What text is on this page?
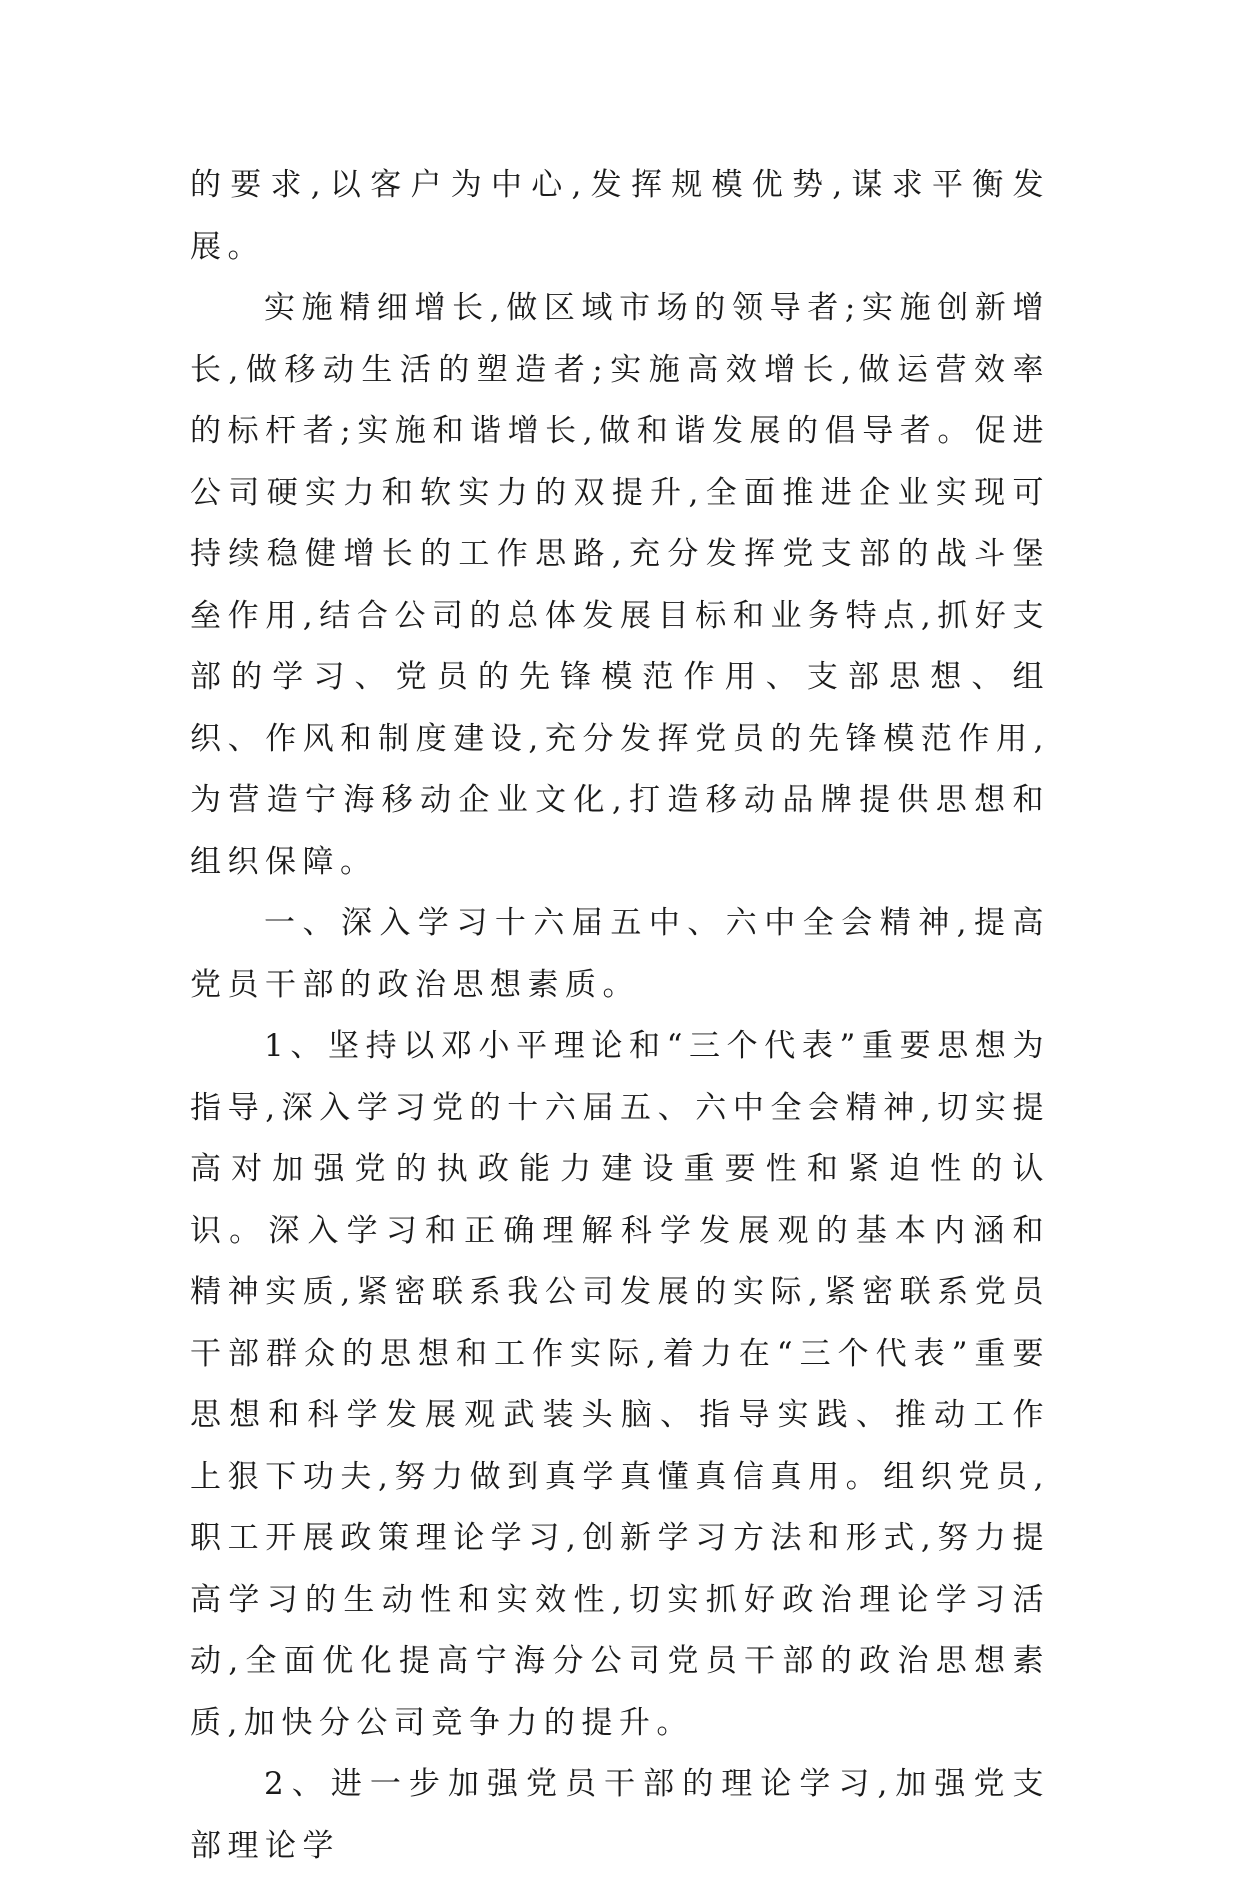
的要求,以客户为中心,发挥规模优势,谋求平衡发展。

实施精细增长,做区域市场的领导者;实施创新增长,做移动生活的塑造者;实施高效增长,做运营效率的标杆者;实施和谐增长,做和谐发展的倡导者。促进公司硬实力和软实力的双提升,全面推进企业实现可持续稳健增长的工作思路,充分发挥党支部的战斗堡垒作用,结合公司的总体发展目标和业务特点,抓好支部的学习、党员的先锋模范作用、支部思想、组织、作风和制度建设,充分发挥党员的先锋模范作用,为营造宁海移动企业文化,打造移动品牌提供思想和组织保障。

一、深入学习十六届五中、六中全会精神,提高党员干部的政治思想素质。

1、坚持以邓小平理论和“三个代表”重要思想为指导,深入学习党的十六届五、六中全会精神,切实提高对加强党的执政能力建设重要性和紧迫性的认识。深入学习和正确理解科学发展观的基本内涵和精神实质,紧密联系我公司发展的实际,紧密联系党员干部群众的思想和工作实际,着力在“三个代表”重要思想和科学发展观武装头脑、指导实践、推动工作上狠下功夫,努力做到真学真懂真信真用。组织党员,职工开展政策理论学习,创新学习方法和形式,努力提高学习的生动性和实效性,切实抓好政治理论学习活动,全面优化提高宁海分公司党员干部的政治思想素质,加快分公司竞争力的提升。

2、进一步加强党员干部的理论学习,加强党支部理论学
